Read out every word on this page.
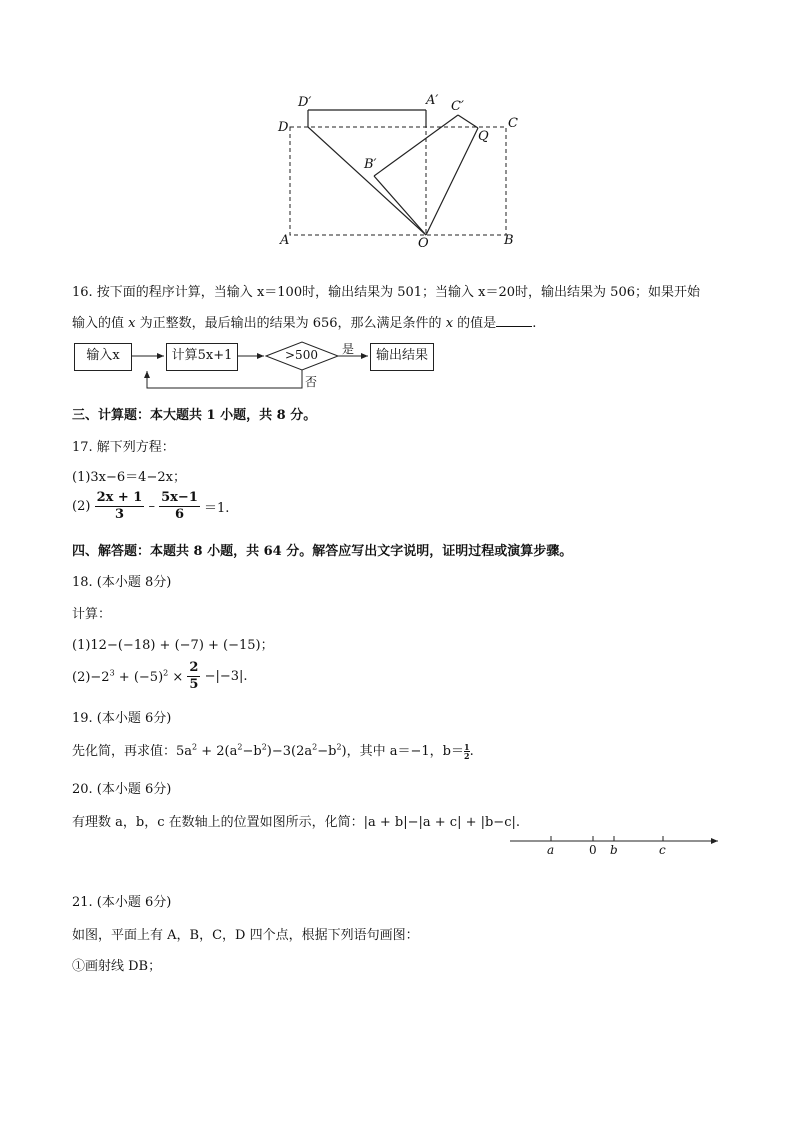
D′	A′ C′
Q
C
D
B′
A	O	B
16. 按下面的程序计算，当输入 x＝100时，输出结果为 501；当输入 x＝20时，输出结果为 506；如果开始
输入的值 x 为正整数，最后输出的结果为 656，那么满足条件的 x 的值是	.
输入x	计算5x+1	输出结果
>500 是
否
三、计算题：本大题共 1 小题，共 8 分。
17. 解下列方程：
(1)3x−6＝4−2x；
$(2) \frac{2x + 1}{3} - \frac{5x-1}{6} =1$.
四、解答题：本题共 8 小题，共 64 分。解答应写出文字说明，证明过程或演算步骤。
18. (本小题 8分)
计算：
(1)12−(−18) + (−7) + (−15)；
$(2)-2^3 + (-5)^2 \times \frac{2}{5} -|-3|$.
19. (本小题 6分)
先化简，再求值：$5a^2 + 2(a^2-b^2)-3(2a^2-b^2)$，其中 a＝−1，$b= \frac{1}{2}$.
20. (本小题 6分)
有理数 a，b，c 在数轴上的位置如图所示，化简：|a + b|−|a + c| + |b−c|.
a	0 b	c
21. (本小题 6分)
如图，平面上有 A，B，C，D 四个点，根据下列语句画图：
①画射线 DB；
